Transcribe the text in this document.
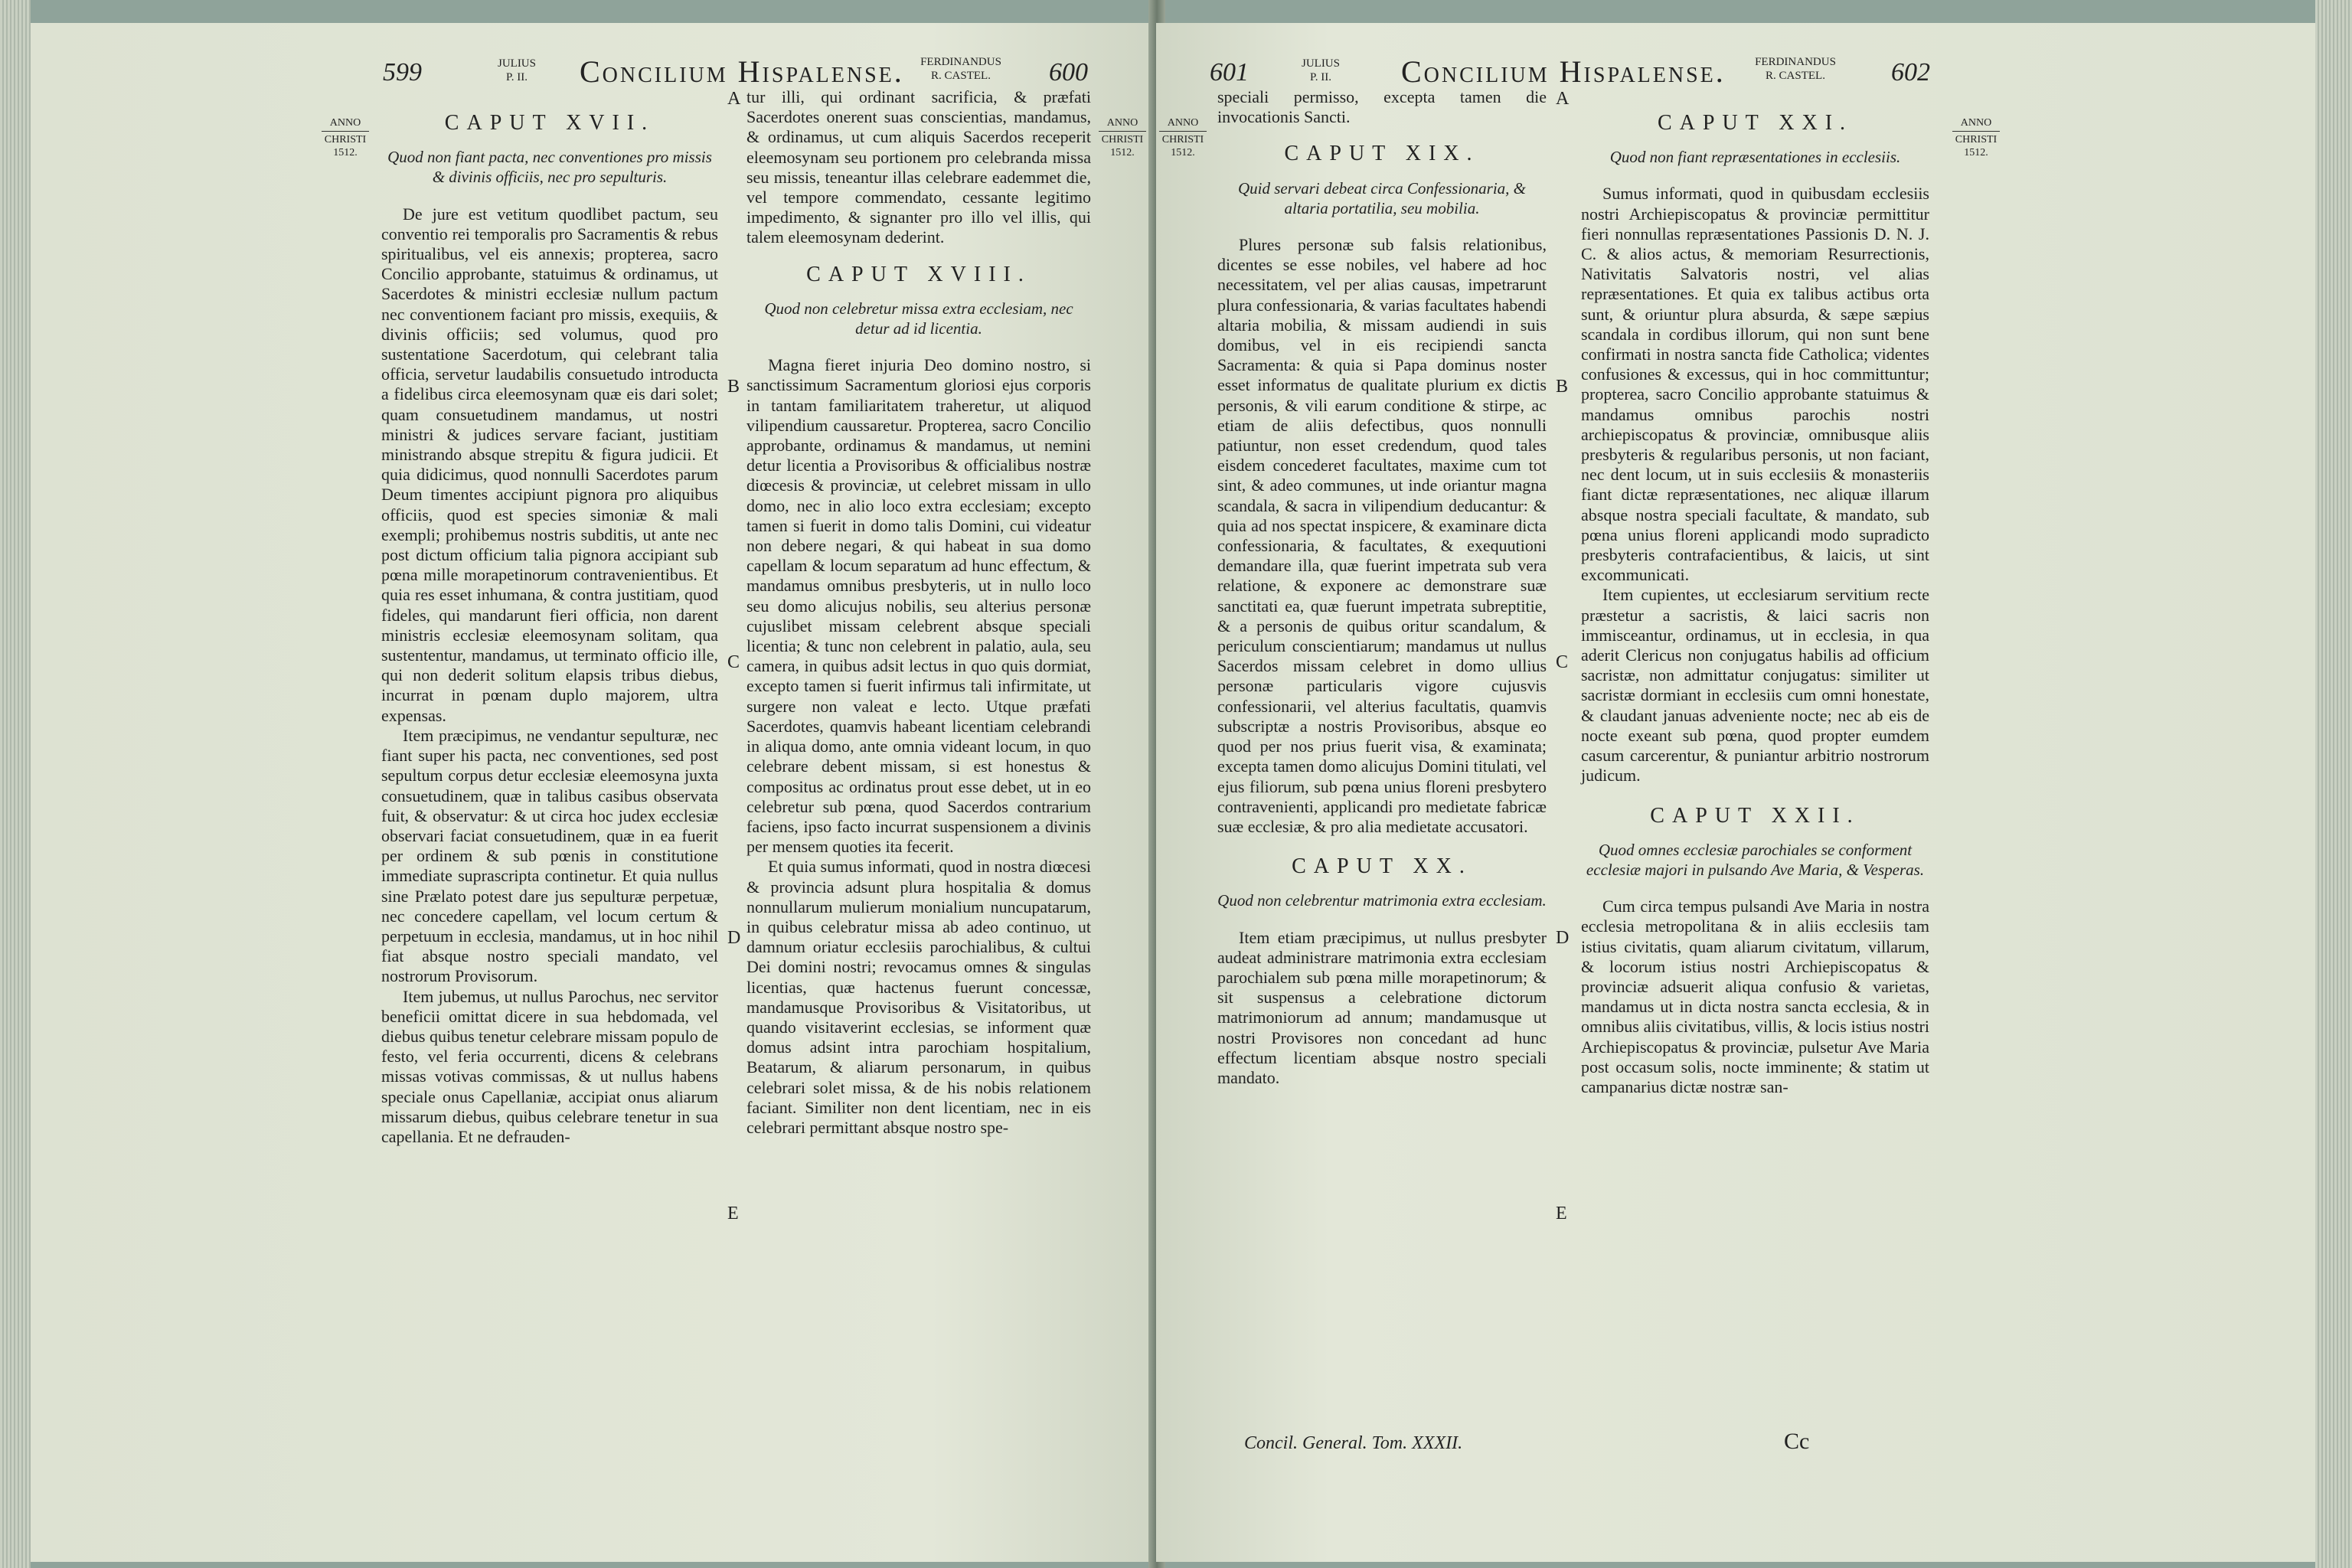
599	JULIUS
P. II.	Concilium Hispalense.	FERDINANDUS
R. CASTEL.	600
ANNO
CHRISTI
1512.
ANNO
CHRISTI
1512.
CAPUT XVII.
Quod non fiant pacta, nec conventiones pro missis & divinis officiis, nec pro sepulturis.

De jure est vetitum quodlibet pactum, seu conventio rei temporalis pro Sacramentis & rebus spiritualibus, vel eis annexis; propterea, sacro Concilio approbante, statuimus & ordinamus, ut Sacerdotes & ministri ecclesiæ nullum pactum nec conventionem faciant pro missis, exequiis, & divinis officiis; sed volumus, quod pro sustentatione Sacerdotum, qui celebrant talia officia, servetur laudabilis consuetudo introducta a fidelibus circa eleemosynam quæ eis dari solet; quam consuetudinem mandamus, ut nostri ministri & judices servare faciant, justitiam ministrando absque strepitu & figura judicii. Et quia didicimus, quod nonnulli Sacerdotes parum Deum timentes accipiunt pignora pro aliquibus officiis, quod est species simoniæ & mali exempli; prohibemus nostris subditis, ut ante nec post dictum officium talia pignora accipiant sub pœna mille morapetinorum contravenientibus. Et quia res esset inhumana, & contra justitiam, quod fideles, qui mandarunt fieri officia, non darent ministris ecclesiæ eleemosynam solitam, qua sustententur, mandamus, ut terminato officio ille, qui non dederit solitum elapsis tribus diebus, incurrat in pœnam duplo majorem, ultra expensas.

Item præcipimus, ne vendantur sepulturæ, nec fiant super his pacta, nec conventiones, sed post sepultum corpus detur ecclesiæ eleemosyna juxta consuetudinem, quæ in talibus casibus observata fuit, & observatur: & ut circa hoc judex ecclesiæ observari faciat consuetudinem, quæ in ea fuerit per ordinem & sub pœnis in constitutione immediate suprascripta continetur. Et quia nullus sine Prælato potest dare jus sepulturæ perpetuæ, nec concedere capellam, vel locum certum & perpetuum in ecclesia, mandamus, ut in hoc nihil fiat absque nostro speciali mandato, vel nostrorum Provisorum.

Item jubemus, ut nullus Parochus, nec servitor beneficii omittat dicere in sua hebdomada, vel diebus quibus tenetur celebrare missam populo de festo, vel feria occurrenti, dicens & celebrans missas votivas commissas, & ut nullus habens speciale onus Capellaniæ, accipiat onus aliarum missarum diebus, quibus celebrare tenetur in sua capellania. Et ne defrauden-

A
B
C
D
E

tur illi, qui ordinant sacrificia, & præfati Sacerdotes onerent suas conscientias, mandamus, & ordinamus, ut cum aliquis Sacerdos receperit eleemosynam seu portionem pro celebranda missa seu missis, teneantur illas celebrare eademmet die, vel tempore commendato, cessante legitimo impedimento, & signanter pro illo vel illis, qui talem eleemosynam dederint.

CAPUT XVIII.
Quod non celebretur missa extra ecclesiam, nec detur ad id licentia.

Magna fieret injuria Deo domino nostro, si sanctissimum Sacramentum gloriosi ejus corporis in tantam familiaritatem traheretur, ut aliquod vilipendium caussaretur. Propterea, sacro Concilio approbante, ordinamus & mandamus, ut nemini detur licentia a Provisoribus & officialibus nostræ diœcesis & provinciæ, ut celebret missam in ullo domo, nec in alio loco extra ecclesiam; excepto tamen si fuerit in domo talis Domini, cui videatur non debere negari, & qui habeat in sua domo capellam & locum separatum ad hunc effectum, & mandamus omnibus presbyteris, ut in nullo loco seu domo alicujus nobilis, seu alterius personæ cujuslibet missam celebrent absque speciali licentia; & tunc non celebrent in palatio, aula, seu camera, in quibus adsit lectus in quo quis dormiat, excepto tamen si fuerit infirmus tali infirmitate, ut surgere non valeat e lecto. Utque præfati Sacerdotes, quamvis habeant licentiam celebrandi in aliqua domo, ante omnia videant locum, in quo celebrare debent missam, si est honestus & compositus ac ordinatus prout esse debet, ut in eo celebretur sub pœna, quod Sacerdos contrarium faciens, ipso facto incurrat suspensionem a divinis per mensem quoties ita fecerit.

Et quia sumus informati, quod in nostra diœcesi & provincia adsunt plura hospitalia & domus nonnullarum mulierum monialium nuncupatarum, in quibus celebratur missa ab adeo continuo, ut damnum oriatur ecclesiis parochialibus, & cultui Dei domini nostri; revocamus omnes & singulas licentias, quæ hactenus fuerunt concessæ, mandamusque Provisoribus & Visitatoribus, ut quando visitaverint ecclesias, se informent quæ domus adsint intra parochiam hospitalium, Beatarum, & aliarum personarum, in quibus celebrari solet missa, & de his nobis relationem faciant. Similiter non dent licentiam, nec in eis celebrari permittant absque nostro spe-

601	JULIUS
P. II.	Concilium Hispalense.	FERDINANDUS
R. CASTEL.	602
ANNO
CHRISTI
1512.
ANNO
CHRISTI
1512.

speciali permisso, excepta tamen die invocationis Sancti.

CAPUT XIX.
Quid servari debeat circa Confessionaria, & altaria portatilia, seu mobilia.

Plures personæ sub falsis relationibus, dicentes se esse nobiles, vel habere ad hoc necessitatem, vel per alias causas, impetrarunt plura confessionaria, & varias facultates habendi altaria mobilia, & missam audiendi in suis domibus, vel in eis recipiendi sancta Sacramenta: & quia si Papa dominus noster esset informatus de qualitate plurium ex dictis personis, & vili earum conditione & stirpe, ac etiam de aliis defectibus, quos nonnulli patiuntur, non esset credendum, quod tales eisdem concederet facultates, maxime cum tot sint, & adeo communes, ut inde oriantur magna scandala, & sacra in vilipendium deducantur: & quia ad nos spectat inspicere, & examinare dicta confessionaria, & facultates, & exequutioni demandare illa, quæ fuerint impetrata sub vera relatione, & exponere ac demonstrare suæ sanctitati ea, quæ fuerunt impetrata subreptitie, & a personis de quibus oritur scandalum, & periculum conscientiarum; mandamus ut nullus Sacerdos missam celebret in domo ullius personæ particularis vigore cujusvis confessionarii, vel alterius facultatis, quamvis subscriptæ a nostris Provisoribus, absque eo quod per nos prius fuerit visa, & examinata; excepta tamen domo alicujus Domini titulati, vel ejus filiorum, sub pœna unius floreni presbytero contravenienti, applicandi pro medietate fabricæ suæ ecclesiæ, & pro alia medietate accusatori.

CAPUT XX.
Quod non celebrentur matrimonia extra ecclesiam.

Item etiam præcipimus, ut nullus presbyter audeat administrare matrimonia extra ecclesiam parochialem sub pœna mille morapetinorum; & sit suspensus a celebratione dictorum matrimoniorum ad annum; mandamusque ut nostri Provisores non concedant ad hunc effectum licentiam absque nostro speciali mandato.

A
B
C
D
E
CAPUT XXI.
Quod non fiant repræsentationes in ecclesiis.

Sumus informati, quod in quibusdam ecclesiis nostri Archiepiscopatus & provinciæ permittitur fieri nonnullas repræsentationes Passionis D. N. J. C. & alios actus, & memoriam Resurrectionis, Nativitatis Salvatoris nostri, vel alias repræsentationes. Et quia ex talibus actibus orta sunt, & oriuntur plura absurda, & sæpe sæpius scandala in cordibus illorum, qui non sunt bene confirmati in nostra sancta fide Catholica; videntes confusiones & excessus, qui in hoc committuntur; propterea, sacro Concilio approbante statuimus & mandamus omnibus parochis nostri archiepiscopatus & provinciæ, omnibusque aliis presbyteris & regularibus personis, ut non faciant, nec dent locum, ut in suis ecclesiis & monasteriis fiant dictæ repræsentationes, nec aliquæ illarum absque nostra speciali facultate, & mandato, sub pœna unius floreni applicandi modo supradicto presbyteris contrafacientibus, & laicis, ut sint excommunicati.

Item cupientes, ut ecclesiarum servitium recte præstetur a sacristis, & laici sacris non immisceantur, ordinamus, ut in ecclesia, in qua aderit Clericus non conjugatus habilis ad officium sacristæ, non admittatur conjugatus: similiter ut sacristæ dormiant in ecclesiis cum omni honestate, & claudant januas adveniente nocte; nec ab eis de nocte exeant sub pœna, quod propter eumdem casum carcerentur, & puniantur arbitrio nostrorum judicum.

CAPUT XXII.
Quod omnes ecclesiæ parochiales se conforment ecclesiæ majori in pulsando Ave Maria, & Vesperas.

Cum circa tempus pulsandi Ave Maria in nostra ecclesia metropolitana & in aliis ecclesiis tam istius civitatis, quam aliarum civitatum, villarum, & locorum istius nostri Archiepiscopatus & provinciæ adsuerit aliqua confusio & varietas, mandamus ut in dicta nostra sancta ecclesia, & in omnibus aliis civitatibus, villis, & locis istius nostri Archiepiscopatus & provinciæ, pulsetur Ave Maria post occasum solis, nocte imminente; & statim ut campanarius dictæ nostræ san-

Concil. General. Tom. XXXII.	Cc
